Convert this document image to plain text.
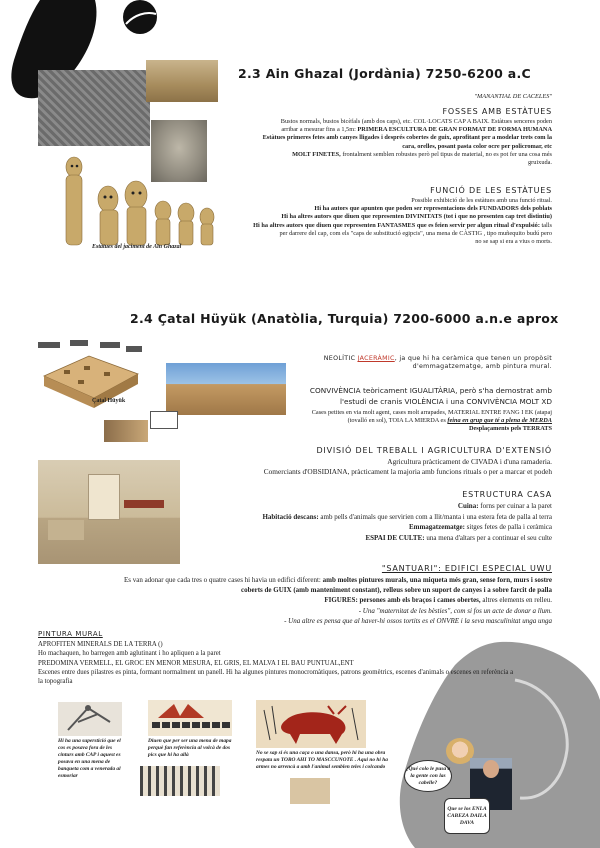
Estàtues del jaciment de Aïn Ghazal
2.3 Ain Ghazal (Jordània) 7250-6200 a.C
"MANANTIAL DE CACELES"
FOSSES AMB ESTÀTUES
Bustos normals, bustos bicèfals (amb dos caps), etc. COL·LOCATS CAP A BAIX. Estàtues senceres poden
arribar a mesurar fins a 1,5m: PRIMERA ESCULTURA DE GRAN FORMAT DE FORMA HUMANA
Estàtues primeres fetes amb canyes lligades i després cobertes de guix, aprofitant per a modelar trets com la
cara, orelles, posant pasta color ocre per policromar, etc
MOLT FINETES, frontalment semblen robustes però pel tipus de material, no es pot fer una cosa més
gruixuda.
FUNCIÓ DE LES ESTÀTUES
Possible exhibició de les estàtues amb una funció ritual.
Hi ha autors que apunten que poden ser representacions dels FUNDADORS dels poblats
Hi ha altres autors que diuen que representen DIVINITATS (tot i que no presenten cap tret distintiu)
Hi ha altres autors que diuen que representen FANTASMES que es feien servir per algun ritual d'expulsió: talls
per darrere del cap, com els "caps de substitució egipcis", una mena de CÀSTIG , tipo muñequito budú pero
no se sap si era a vius o morts.
2.4 Çatal Hüyük (Anatòlia, Turquia) 7200-6000 a.n.e aprox
Çatal Hüyük
NEOLÍTIC JACERÀMIC, ja que hi ha ceràmica que tenen un propòsit
d'emmagatzematge, amb pintura mural.
CONVIVÈNCIA teòricament IGUALITÀRIA, però s'ha demostrat amb
l'estudi de cranis VIOLÈNCIA i una CONVIVÈNCIA MOLT XD
Cases petites en via molt agent, cases molt arrapades, MATERIAL ENTRE FANG I EK (atapaj
(tovalló en sol), TOIA LA MIERDA es feina en grup que té a plena de MERDA
Desplaçaments pels TERRATS
DIVISIÓ DEL TREBALL I AGRICULTURA D'EXTENSIÓ
Agricultura pràcticament de CIVADA i d'una ramaderia.
Comerciants d'OBSIDIANA, pràcticament la majoria amb funcions rituals o per a marcar et podeh
ESTRUCTURA CASA
Cuina: forns per cuinar a la paret
Habitació descans: amb pells d'animals que servirien com a llit/manta i una estera feta de palla al terra
Emmagatzematge: sitges fetes de palla i ceràmica
ESPAI DE CULTE: una mena d'altars per a continuar el seu culte
"SANTUARI": EDIFICI ESPECIAL UWU
Es van adonar que cada tres o quatre cases hi havia un edifici diferent: amb moltes pintures murals, una miqueta més gran, sense forn, murs i sostre
coberts de GUIX (amb manteniment constant), relleus sobre un suport de canyes i a sobre farcit de palla
FIGURES: persones amb els braços i cames obertes, altres elements en relleu.
- Una "maternitat de les bèsties", com si fos un acte de donar a llum.
- Una altre es pensa que al haver-hi ossos tortits es el ONVRE i la seva masculinitat unga unga
PINTURA MURAL
APROFITEN MINERALS DE LA TERRA ()
Ho machaquen, ho barregen amb aglutinant i ho apliquen a la paret
PREDOMINA VERMELL, EL GROC EN MENOR MESURA, EL GRIS, EL MALVA I EL BAU PUNTUAL,ENT
Escenes entre dues pilastres es pinta, formant normalment un panell. Hi ha algunes pintures monocromàtiques, patrons geomètrics, escenes d'animals o escenes en referència a
la topografia
Hi ha una superstició que el cos es posava fora de les cinturs amb CAP i aquest es posava en una mena de banqueta com a venerada al esmoriar
Diuen que per ser una mena de mapa perquè fan referència al volcà de dos pics que hi ha allà	No se sap si és una caça o una dansa, però hi ha una obra respata un TORO AHI TO MASCCUNOTE . Aqui no hi ha armes no arrencà a amb l'animal semblen teles i colcando	¿Qué colo le pusa a la gente con las cabelle?
Que se los ENLA CABEZA DAILA DAVA
